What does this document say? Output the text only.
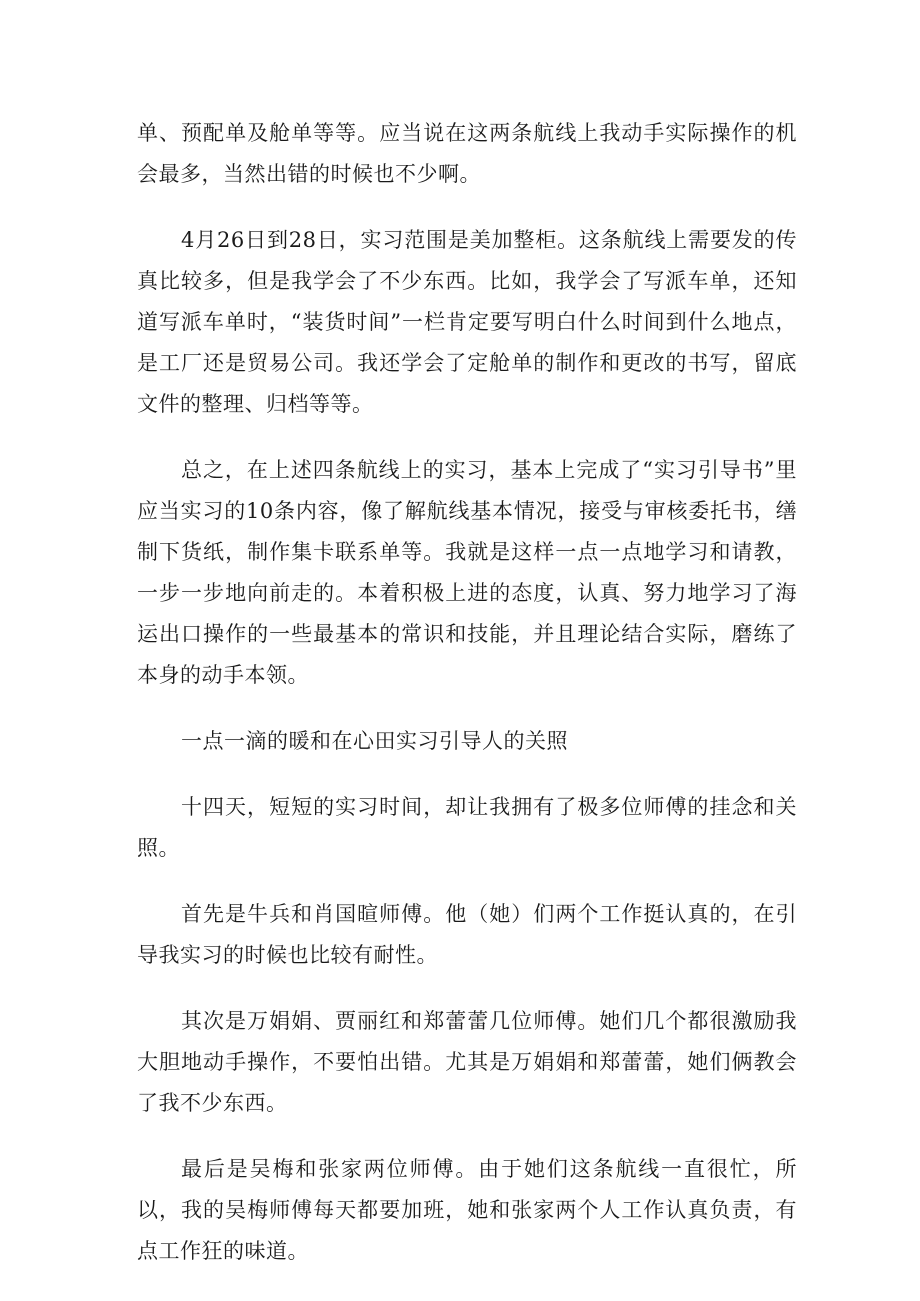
单、预配单及舱单等等。应当说在这两条航线上我动手实际操作的机会最多，当然出错的时候也不少啊。

4月26日到28日，实习范围是美加整柜。这条航线上需要发的传真比较多，但是我学会了不少东西。比如，我学会了写派车单，还知道写派车单时，“装货时间”一栏肯定要写明白什么时间到什么地点，是工厂还是贸易公司。我还学会了定舱单的制作和更改的书写，留底文件的整理、归档等等。

总之，在上述四条航线上的实习，基本上完成了“实习引导书”里应当实习的10条内容，像了解航线基本情况，接受与审核委托书，缮制下货纸，制作集卡联系单等。我就是这样一点一点地学习和请教，一步一步地向前走的。本着积极上进的态度，认真、努力地学习了海运出口操作的一些最基本的常识和技能，并且理论结合实际，磨练了本身的动手本领。

一点一滴的暖和在心田实习引导人的关照

十四天，短短的实习时间，却让我拥有了极多位师傅的挂念和关照。

首先是牛兵和肖国暄师傅。他（她）们两个工作挺认真的，在引导我实习的时候也比较有耐性。

其次是万娟娟、贾丽红和郑蕾蕾几位师傅。她们几个都很激励我大胆地动手操作，不要怕出错。尤其是万娟娟和郑蕾蕾，她们俩教会了我不少东西。

最后是吴梅和张家两位师傅。由于她们这条航线一直很忙，所以，我的吴梅师傅每天都要加班，她和张家两个人工作认真负责，有点工作狂的味道。
